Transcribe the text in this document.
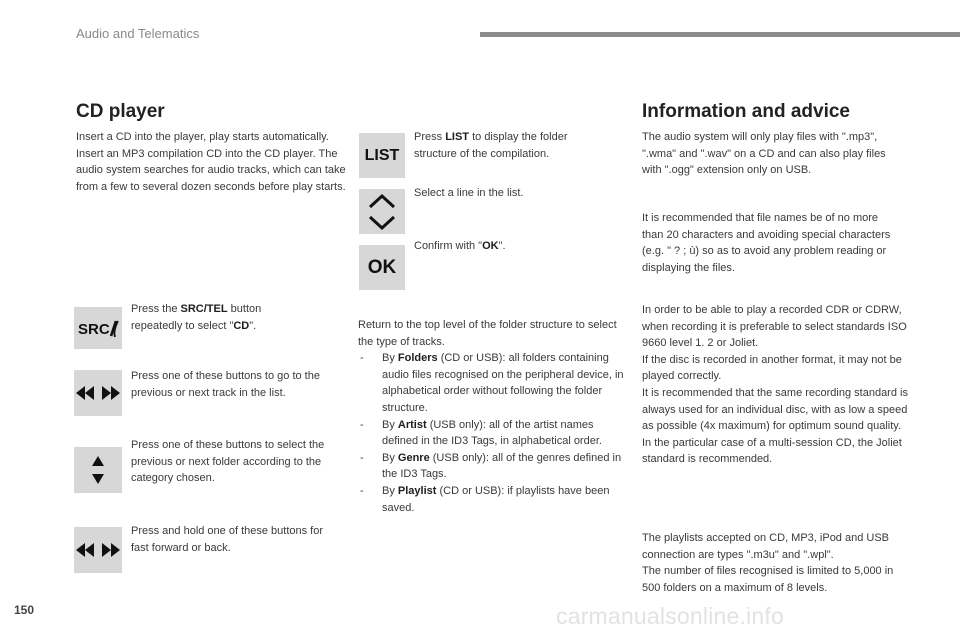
Audio and Telematics
CD player
Insert a CD into the player, play starts automatically.
Insert an MP3 compilation CD into the CD player. The audio system searches for audio tracks, which can take from a few to several dozen seconds before play starts.
SRC
Press the SRC/TEL button repeatedly to select "CD".
Press one of these buttons to go to the previous or next track in the list.
Press one of these buttons to select the previous or next folder according to the category chosen.
Press and hold one of these buttons for fast forward or back.
LIST
Press LIST to display the folder structure of the compilation.
Select a line in the list.
OK
Confirm with "OK".
Return to the top level of the folder structure to select the type of tracks.
- By Folders (CD or USB): all folders containing audio files recognised on the peripheral device, in alphabetical order without following the folder structure.
- By Artist (USB only): all of the artist names defined in the ID3 Tags, in alphabetical order.
- By Genre (USB only): all of the genres defined in the ID3 Tags.
- By Playlist (CD or USB): if playlists have been saved.
Information and advice
The audio system will only play files with ".mp3", ".wma" and ".wav" on a CD and can also play files with ".ogg" extension only on USB.
It is recommended that file names be of no more than 20 characters and avoiding special characters (e.g. " ? ; ù) so as to avoid any problem reading or displaying the files.
In order to be able to play a recorded CDR or CDRW, when recording it is preferable to select standards ISO 9660 level 1. 2 or Joliet.
If the disc is recorded in another format, it may not be played correctly.
It is recommended that the same recording standard is always used for an individual disc, with as low a speed as possible (4x maximum) for optimum sound quality.
In the particular case of a multi-session CD, the Joliet standard is recommended.
The playlists accepted on CD, MP3, iPod and USB connection are types ".m3u" and ".wpl".
The number of files recognised is limited to 5,000 in 500 folders on a maximum of 8 levels.
150	carmanualsonline.info
